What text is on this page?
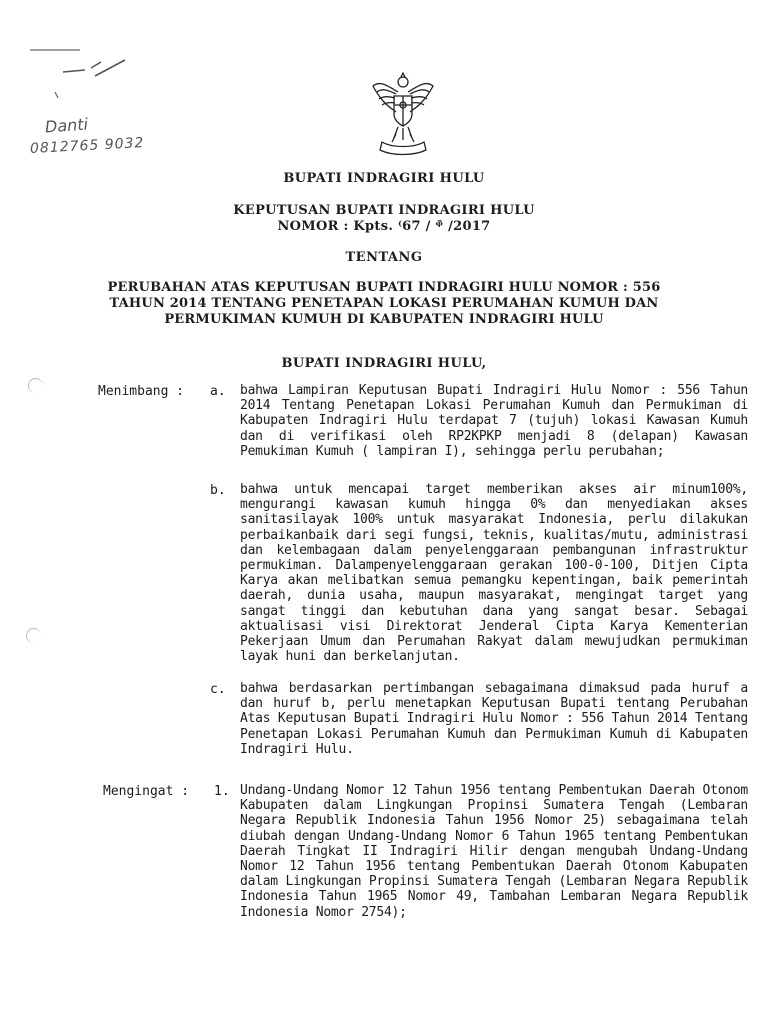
Danti
0812765 9032
BUPATI INDRAGIRI HULU
KEPUTUSAN BUPATI INDRAGIRI HULU
NOMOR : Kpts. ⁽67 / ᵠ̄ /2017
TENTANG
PERUBAHAN ATAS KEPUTUSAN BUPATI INDRAGIRI HULU NOMOR : 556 TAHUN 2014 TENTANG PENETAPAN LOKASI PERUMAHAN KUMUH DAN PERMUKIMAN KUMUH DI KABUPATEN INDRAGIRI HULU
BUPATI INDRAGIRI HULU,
Menimbang : a. bahwa Lampiran Keputusan Bupati Indragiri Hulu Nomor : 556 Tahun 2014 Tentang Penetapan Lokasi Perumahan Kumuh dan Permukiman di Kabupaten Indragiri Hulu terdapat 7 (tujuh) lokasi Kawasan Kumuh dan di verifikasi oleh RP2KPKP menjadi 8 (delapan) Kawasan Pemukiman Kumuh ( lampiran I), sehingga perlu perubahan;
b. bahwa untuk mencapai target memberikan akses air minum100%, mengurangi kawasan kumuh hingga 0% dan menyediakan akses sanitasilayak 100% untuk masyarakat Indonesia, perlu dilakukan perbaikanbaik dari segi fungsi, teknis, kualitas/mutu, administrasi dan kelembagaan dalam penyelenggaraan pembangunan infrastruktur permukiman. Dalampenyelenggaraan gerakan 100-0-100, Ditjen Cipta Karya akan melibatkan semua pemangku kepentingan, baik pemerintah daerah, dunia usaha, maupun masyarakat, mengingat target yang sangat tinggi dan kebutuhan dana yang sangat besar. Sebagai aktualisasi visi Direktorat Jenderal Cipta Karya Kementerian Pekerjaan Umum dan Perumahan Rakyat dalam mewujudkan permukiman layak huni dan berkelanjutan.
c. bahwa berdasarkan pertimbangan sebagaimana dimaksud pada huruf a dan huruf b, perlu menetapkan Keputusan Bupati tentang Perubahan Atas Keputusan Bupati Indragiri Hulu Nomor : 556 Tahun 2014 Tentang Penetapan Lokasi Perumahan Kumuh dan Permukiman Kumuh di Kabupaten Indragiri Hulu.
Mengingat : 1. Undang-Undang Nomor 12 Tahun 1956 tentang Pembentukan Daerah Otonom Kabupaten dalam Lingkungan Propinsi Sumatera Tengah (Lembaran Negara Republik Indonesia Tahun 1956 Nomor 25) sebagaimana telah diubah dengan Undang-Undang Nomor 6 Tahun 1965 tentang Pembentukan Daerah Tingkat II Indragiri Hilir dengan mengubah Undang-Undang Nomor 12 Tahun 1956 tentang Pembentukan Daerah Otonom Kabupaten dalam Lingkungan Propinsi Sumatera Tengah (Lembaran Negara Republik Indonesia Tahun 1965 Nomor 49, Tambahan Lembaran Negara Republik Indonesia Nomor 2754);
